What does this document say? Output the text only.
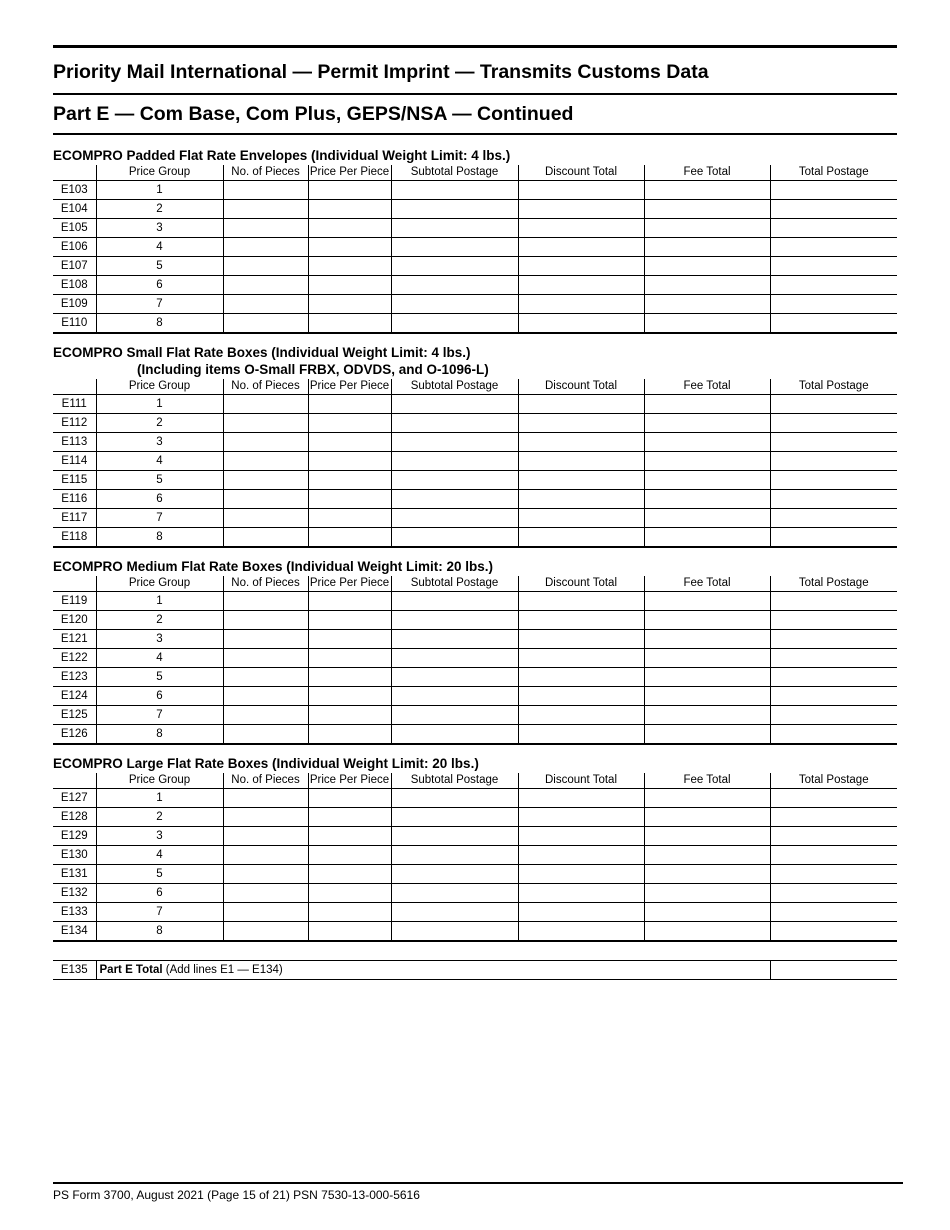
Priority Mail International — Permit Imprint — Transmits Customs Data
Part E — Com Base, Com Plus, GEPS/NSA — Continued
ECOMPRO Padded Flat Rate Envelopes (Individual Weight Limit: 4 lbs.)
	Price Group	No. of Pieces	Price Per Piece	Subtotal Postage	Discount Total	Fee Total	Total Postage
E103	1						
E104	2						
E105	3						
E106	4						
E107	5						
E108	6						
E109	7						
E110	8						
ECOMPRO Small Flat Rate Boxes (Individual Weight Limit: 4 lbs.)
(Including items O-Small FRBX, ODVDS, and O-1096-L)
	Price Group	No. of Pieces	Price Per Piece	Subtotal Postage	Discount Total	Fee Total	Total Postage
E111	1						
E112	2						
E113	3						
E114	4						
E115	5						
E116	6						
E117	7						
E118	8						
ECOMPRO Medium Flat Rate Boxes (Individual Weight Limit: 20 lbs.)
	Price Group	No. of Pieces	Price Per Piece	Subtotal Postage	Discount Total	Fee Total	Total Postage
E119	1						
E120	2						
E121	3						
E122	4						
E123	5						
E124	6						
E125	7						
E126	8						
ECOMPRO Large Flat Rate Boxes (Individual Weight Limit: 20 lbs.)
	Price Group	No. of Pieces	Price Per Piece	Subtotal Postage	Discount Total	Fee Total	Total Postage
E127	1						
E128	2						
E129	3						
E130	4						
E131	5						
E132	6						
E133	7						
E134	8						
E135	Part E Total (Add lines E1 — E134)	
PS Form 3700, August 2021 (Page 15 of 21) PSN 7530-13-000-5616
